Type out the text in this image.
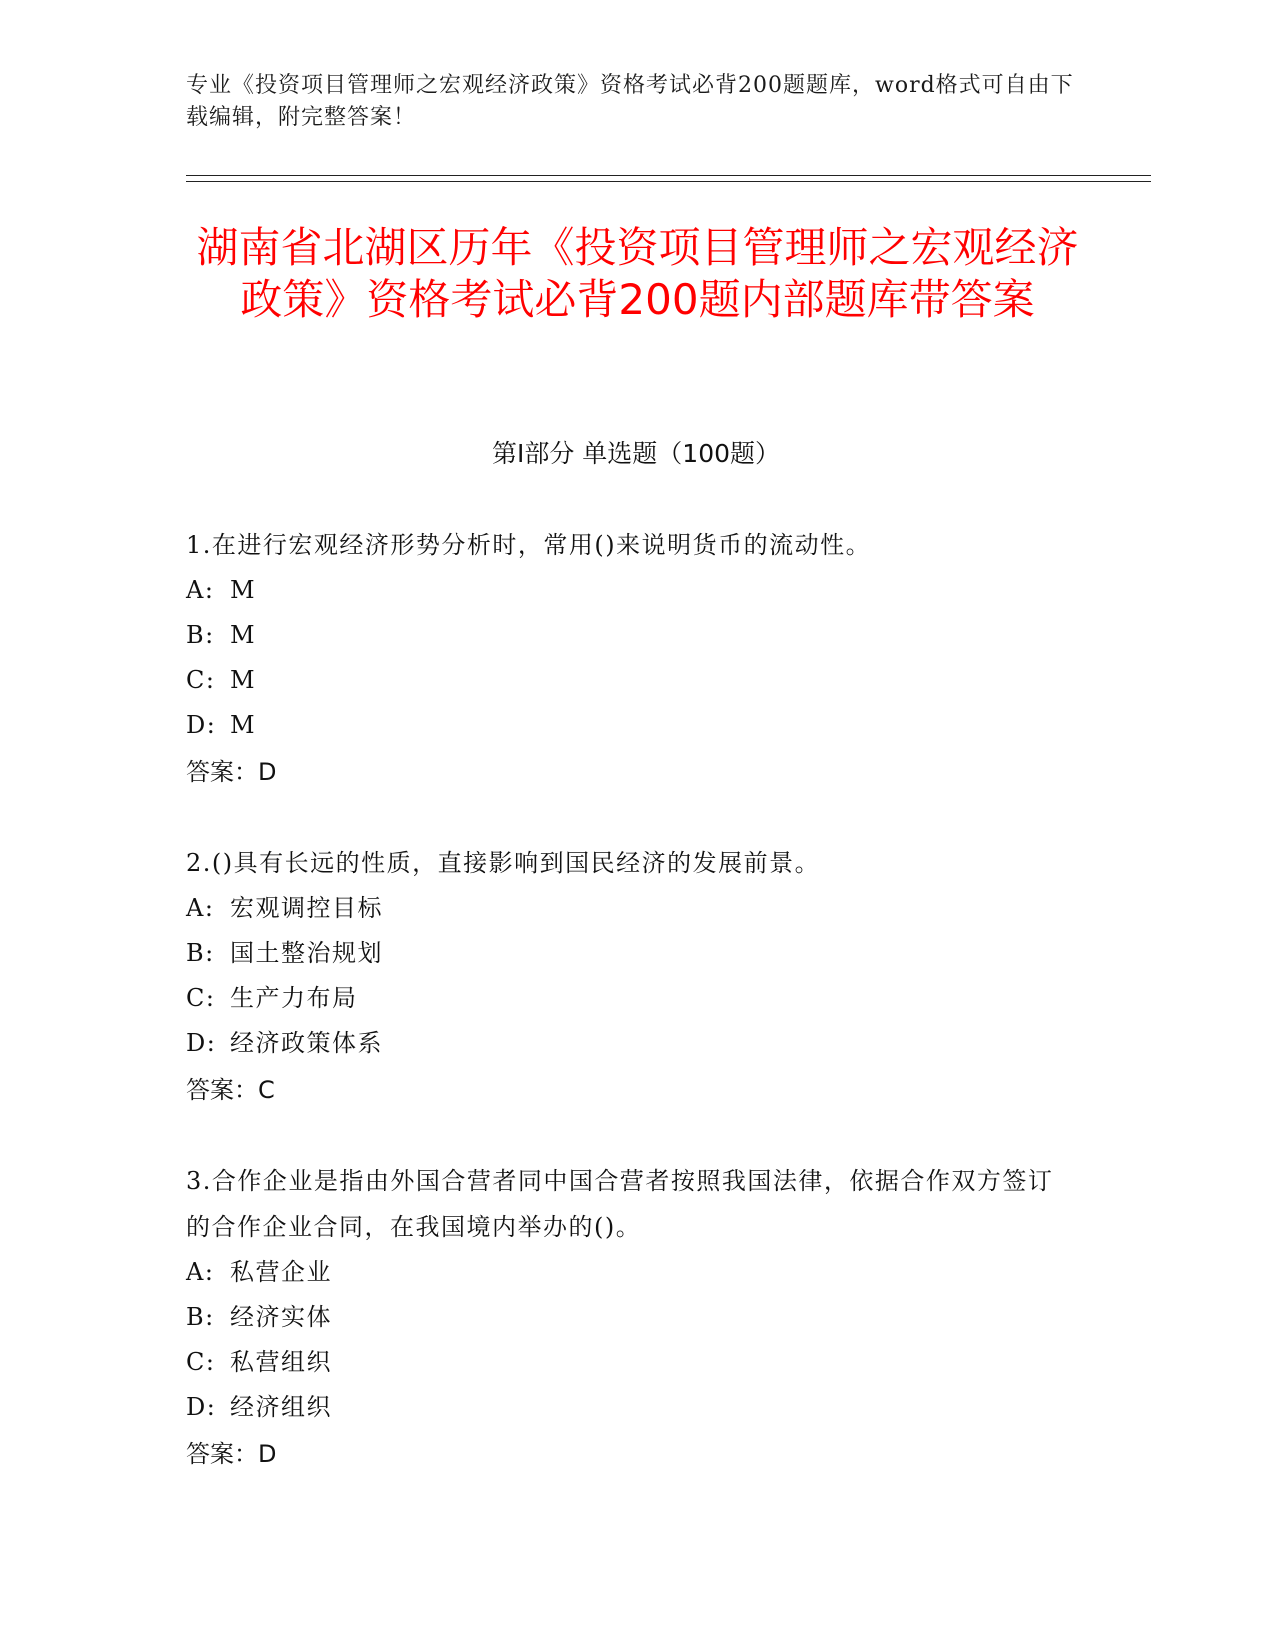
专业《投资项目管理师之宏观经济政策》资格考试必背200题题库，word格式可自由下载编辑，附完整答案！
湖南省北湖区历年《投资项目管理师之宏观经济政策》资格考试必背200题内部题库带答案
第I部分 单选题（100题）
1.在进行宏观经济形势分析时，常用()来说明货币的流动性。
A: M
B: M
C: M
D: M
答案：D
2.()具有长远的性质，直接影响到国民经济的发展前景。
A: 宏观调控目标
B: 国土整治规划
C: 生产力布局
D: 经济政策体系
答案：C
3.合作企业是指由外国合营者同中国合营者按照我国法律，依据合作双方签订的合作企业合同，在我国境内举办的()。
A: 私营企业
B: 经济实体
C: 私营组织
D: 经济组织
答案：D
